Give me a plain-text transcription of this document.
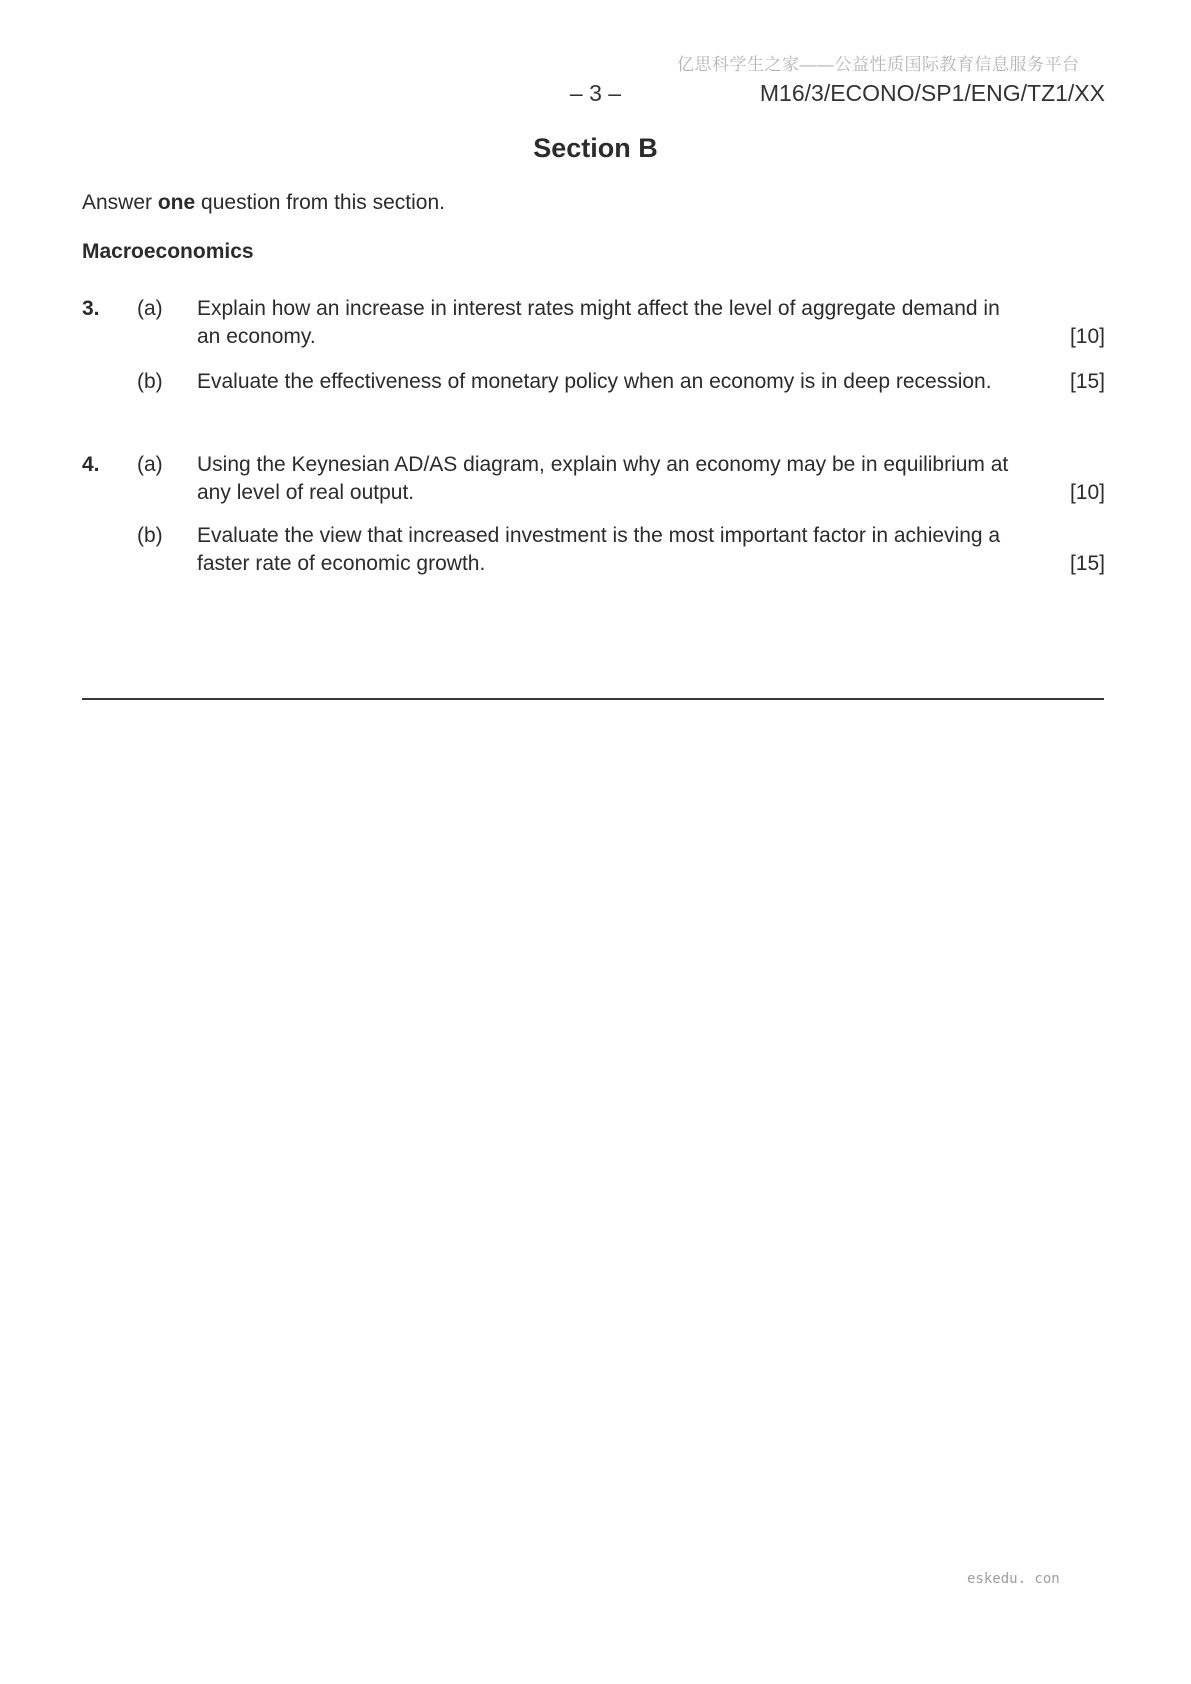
亿思科学生之家——公益性质国际教育信息服务平台
– 3 –	M16/3/ECONO/SP1/ENG/TZ1/XX
Section B
Answer one question from this section.
Macroeconomics
3.	(a)	Explain how an increase in interest rates might affect the level of aggregate demand in
an economy.	[10]
(b)	Evaluate the effectiveness of monetary policy when an economy is in deep recession.	[15]
4.	(a)	Using the Keynesian AD/AS diagram, explain why an economy may be in equilibrium at
any level of real output.	[10]
(b)	Evaluate the view that increased investment is the most important factor in achieving a
faster rate of economic growth.	[15]
eskedu. con
